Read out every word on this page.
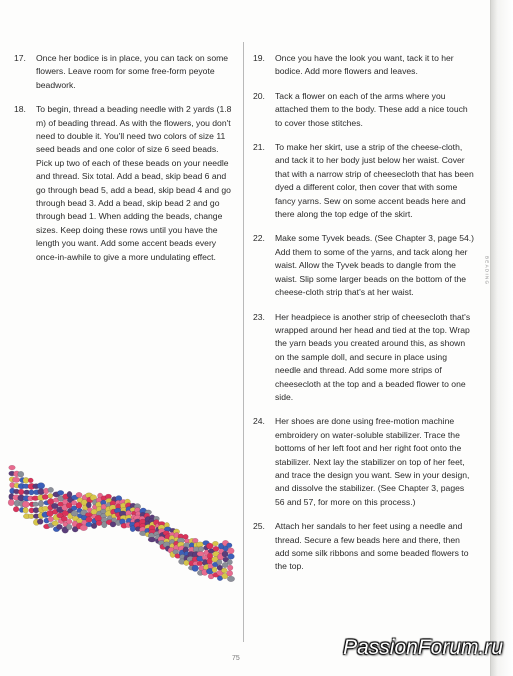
17.	Once her bodice is in place, you can tack on some flowers. Leave room for some free-form peyote beadwork.
18.	To begin, thread a beading needle with 2 yards (1.8 m) of beading thread. As with the flowers, you don't need to double it. You'll need two colors of size 11 seed beads and one color of size 6 seed beads. Pick up two of each of these beads on your needle and thread. Six total. Add a bead, skip bead 6 and go through bead 5, add a bead, skip bead 4 and go through bead 3. Add a bead, skip bead 2 and go through bead 1. When adding the beads, change sizes. Keep doing these rows until you have the length you want. Add some accent beads every once-in-awhile to give a more undulating effect.
19.	Once you have the look you want, tack it to her bodice. Add more flowers and leaves.
20.	Tack a flower on each of the arms where you attached them to the body. These add a nice touch to cover those stitches.
21.	To make her skirt, use a strip of the cheese-cloth, and tack it to her body just below her waist. Cover that with a narrow strip of cheesecloth that has been dyed a different color, then cover that with some fancy yarns. Sew on some accent beads here and there along the top edge of the skirt.
22.	Make some Tyvek beads. (See Chapter 3, page 54.) Add them to some of the yarns, and tack along her waist. Allow the Tyvek beads to dangle from the waist. Slip some larger beads on the bottom of the cheese-cloth strip that's at her waist.
23.	Her headpiece is another strip of cheesecloth that's wrapped around her head and tied at the top. Wrap the yarn beads you created around this, as shown on the sample doll, and secure in place using needle and thread. Add some more strips of cheesecloth at the top and a beaded flower to one side.
24.	Her shoes are done using free-motion machine embroidery on water-soluble stabilizer. Trace the bottoms of her left foot and her right foot onto the stabilizer. Next lay the stabilizer on top of her feet, and trace the design you want. Sew in your design, and dissolve the stabilizer. (See Chapter 3, pages 56 and 57, for more on this process.)
25.	Attach her sandals to her feet using a needle and thread. Secure a few beads here and there, then add some silk ribbons and some beaded flowers to the top.
BEADING
75	PassionForum.ru
